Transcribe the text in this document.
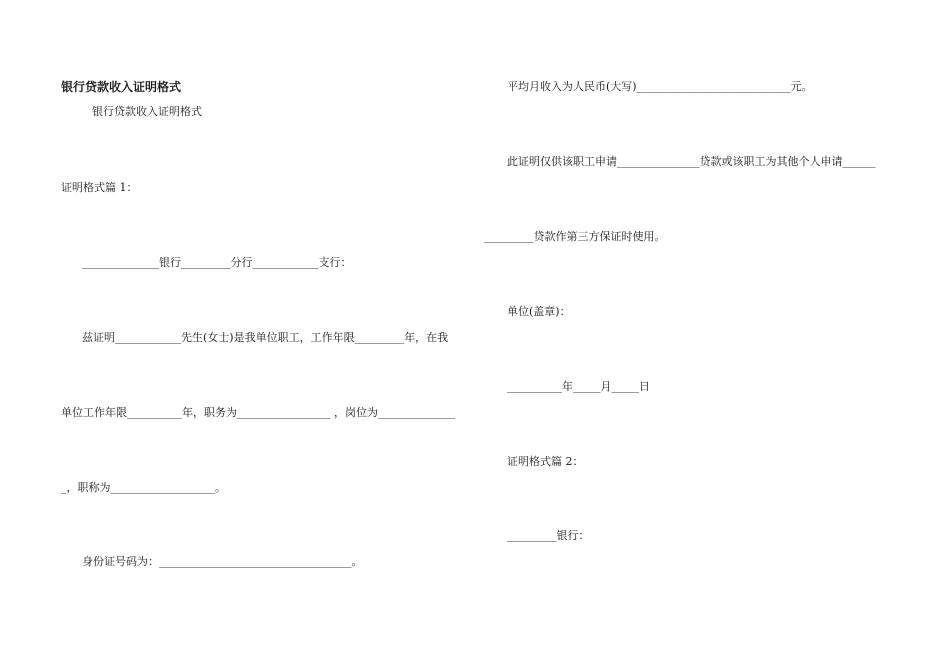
银行贷款收入证明格式
银行贷款收入证明格式
证明格式篇 1：
______________银行_________分行____________支行：
兹证明____________先生(女士)是我单位职工，工作年限_________年，在我
单位工作年限__________年，职务为_________________ ，岗位为______________
_，职称为___________________。
身份证号码为：___________________________________。
平均月收入为人民币(大写)____________________________元。
此证明仅供该职工申请_______________贷款或该职工为其他个人申请______
_________贷款作第三方保证时使用。
单位(盖章)：
__________年_____月_____日
证明格式篇 2：
_________银行：
